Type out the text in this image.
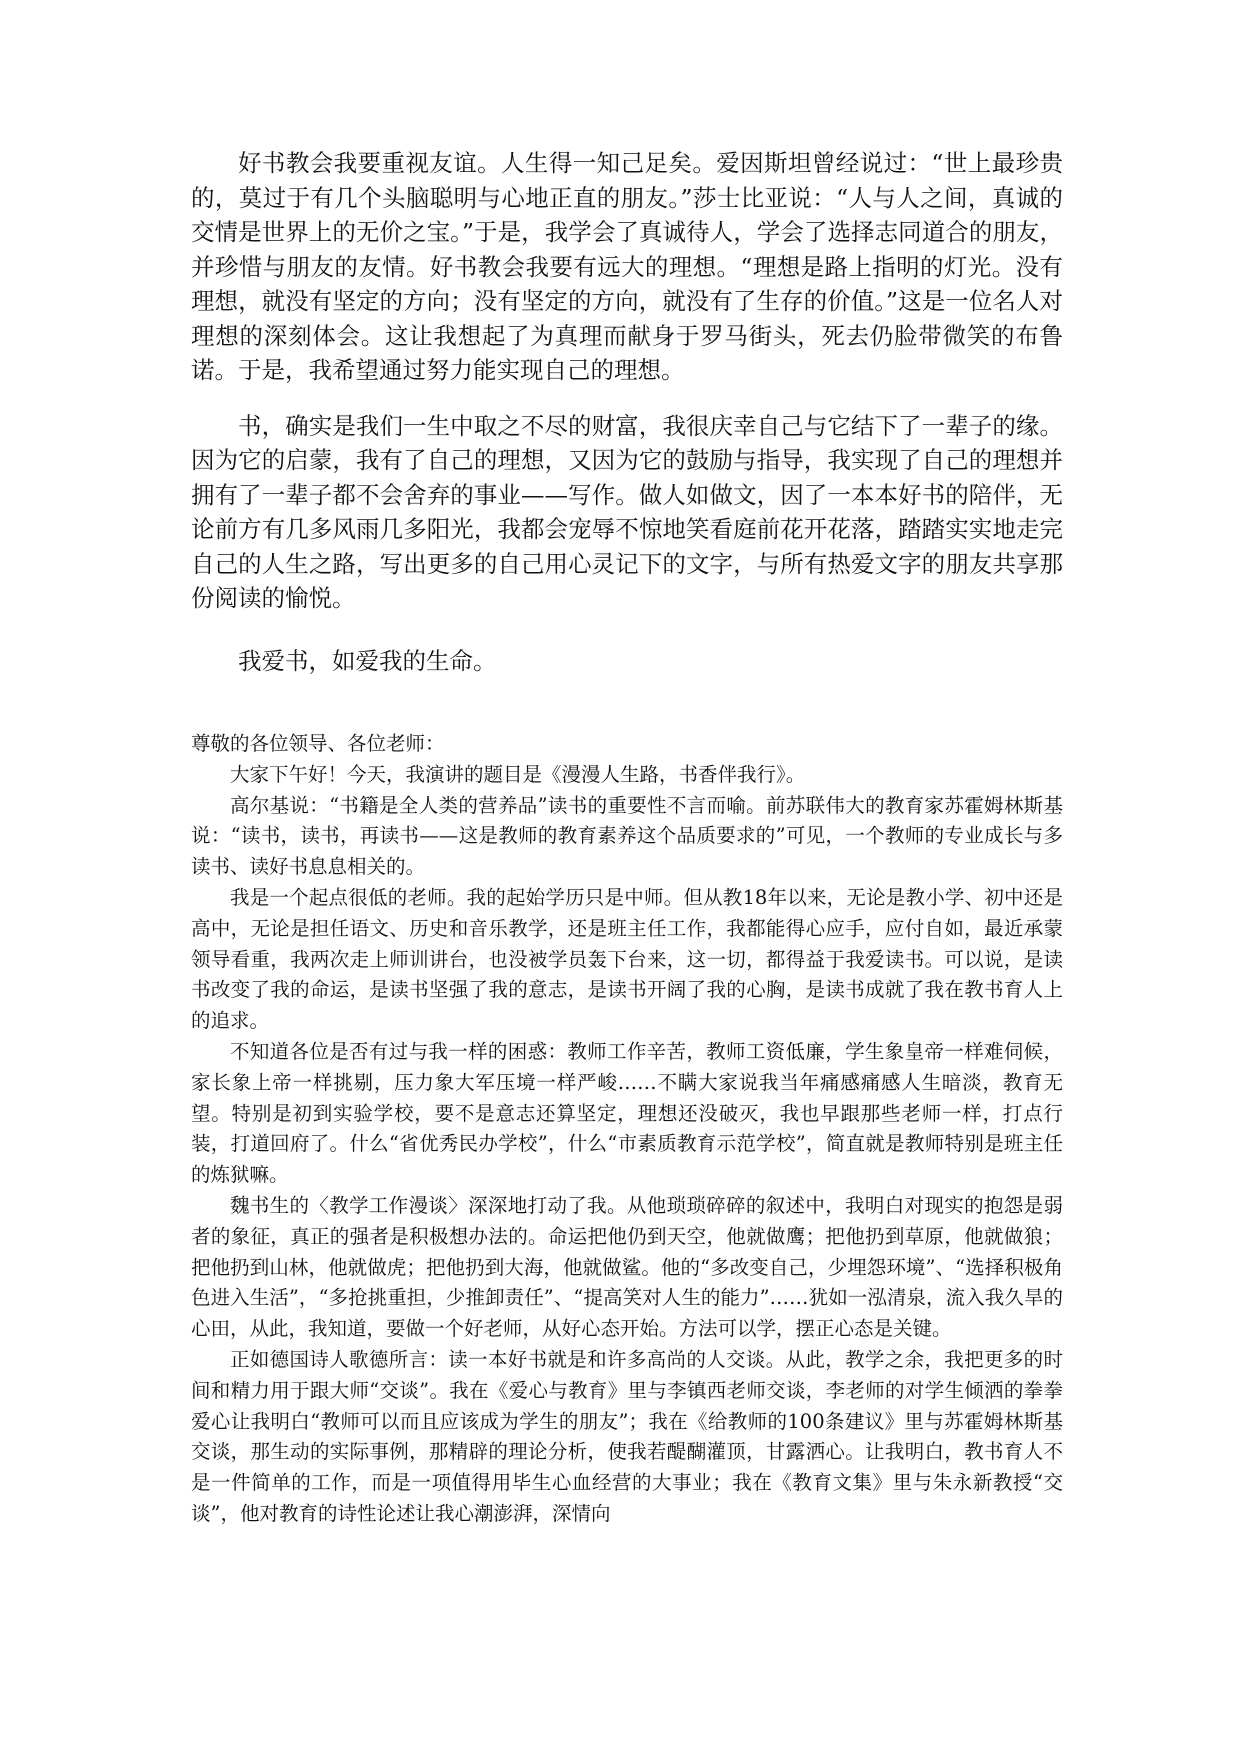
好书教会我要重视友谊。人生得一知己足矣。爱因斯坦曾经说过：“世上最珍贵的，莫过于有几个头脑聪明与心地正直的朋友。”莎士比亚说：“人与人之间，真诚的交情是世界上的无价之宝。”于是，我学会了真诚待人，学会了选择志同道合的朋友，并珍惜与朋友的友情。好书教会我要有远大的理想。“理想是路上指明的灯光。没有理想，就没有坚定的方向；没有坚定的方向，就没有了生存的价值。”这是一位名人对理想的深刻体会。这让我想起了为真理而献身于罗马街头，死去仍脸带微笑的布鲁诺。于是，我希望通过努力能实现自己的理想。

书，确实是我们一生中取之不尽的财富，我很庆幸自己与它结下了一辈子的缘。因为它的启蒙，我有了自己的理想，又因为它的鼓励与指导，我实现了自己的理想并拥有了一辈子都不会舍弃的事业——写作。做人如做文，因了一本本好书的陪伴，无论前方有几多风雨几多阳光，我都会宠辱不惊地笑看庭前花开花落，踏踏实实地走完自己的人生之路，写出更多的自己用心灵记下的文字，与所有热爱文字的朋友共享那份阅读的愉悦。

我爱书，如爱我的生命。

尊敬的各位领导、各位老师：

大家下午好！今天，我演讲的题目是《漫漫人生路，书香伴我行》。

高尔基说：“书籍是全人类的营养品”读书的重要性不言而喻。前苏联伟大的教育家苏霍姆林斯基说：“读书，读书，再读书——这是教师的教育素养这个品质要求的”可见，一个教师的专业成长与多读书、读好书息息相关的。

我是一个起点很低的老师。我的起始学历只是中师。但从教18年以来，无论是教小学、初中还是高中，无论是担任语文、历史和音乐教学，还是班主任工作，我都能得心应手，应付自如，最近承蒙领导看重，我两次走上师训讲台，也没被学员轰下台来，这一切，都得益于我爱读书。可以说，是读书改变了我的命运，是读书坚强了我的意志，是读书开阔了我的心胸，是读书成就了我在教书育人上的追求。

不知道各位是否有过与我一样的困惑：教师工作辛苦，教师工资低廉，学生象皇帝一样难伺候，家长象上帝一样挑剔，压力象大军压境一样严峻……不瞒大家说我当年痛感痛感人生暗淡，教育无望。特别是初到实验学校，要不是意志还算坚定，理想还没破灭，我也早跟那些老师一样，打点行装，打道回府了。什么“省优秀民办学校”，什么“市素质教育示范学校”，简直就是教师特别是班主任的炼狱嘛。

魏书生的〈教学工作漫谈〉深深地打动了我。从他琐琐碎碎的叙述中，我明白对现实的抱怨是弱者的象征，真正的强者是积极想办法的。命运把他仍到天空，他就做鹰；把他扔到草原，他就做狼；把他扔到山林，他就做虎；把他扔到大海，他就做鲨。他的“多改变自己，少埋怨环境”、“选择积极角色进入生活”，“多抢挑重担，少推卸责任”、“提高笑对人生的能力”……犹如一泓清泉，流入我久旱的心田，从此，我知道，要做一个好老师，从好心态开始。方法可以学，摆正心态是关键。

正如德国诗人歌德所言：读一本好书就是和许多高尚的人交谈。从此，教学之余，我把更多的时间和精力用于跟大师“交谈”。我在《爱心与教育》里与李镇西老师交谈，李老师的对学生倾洒的拳拳爱心让我明白“教师可以而且应该成为学生的朋友”；我在《给教师的100条建议》里与苏霍姆林斯基交谈，那生动的实际事例，那精辟的理论分析，使我若醍醐灌顶，甘露洒心。让我明白，教书育人不是一件简单的工作，而是一项值得用毕生心血经营的大事业；我在《教育文集》里与朱永新教授“交谈”，他对教育的诗性论述让我心潮澎湃，深情向
